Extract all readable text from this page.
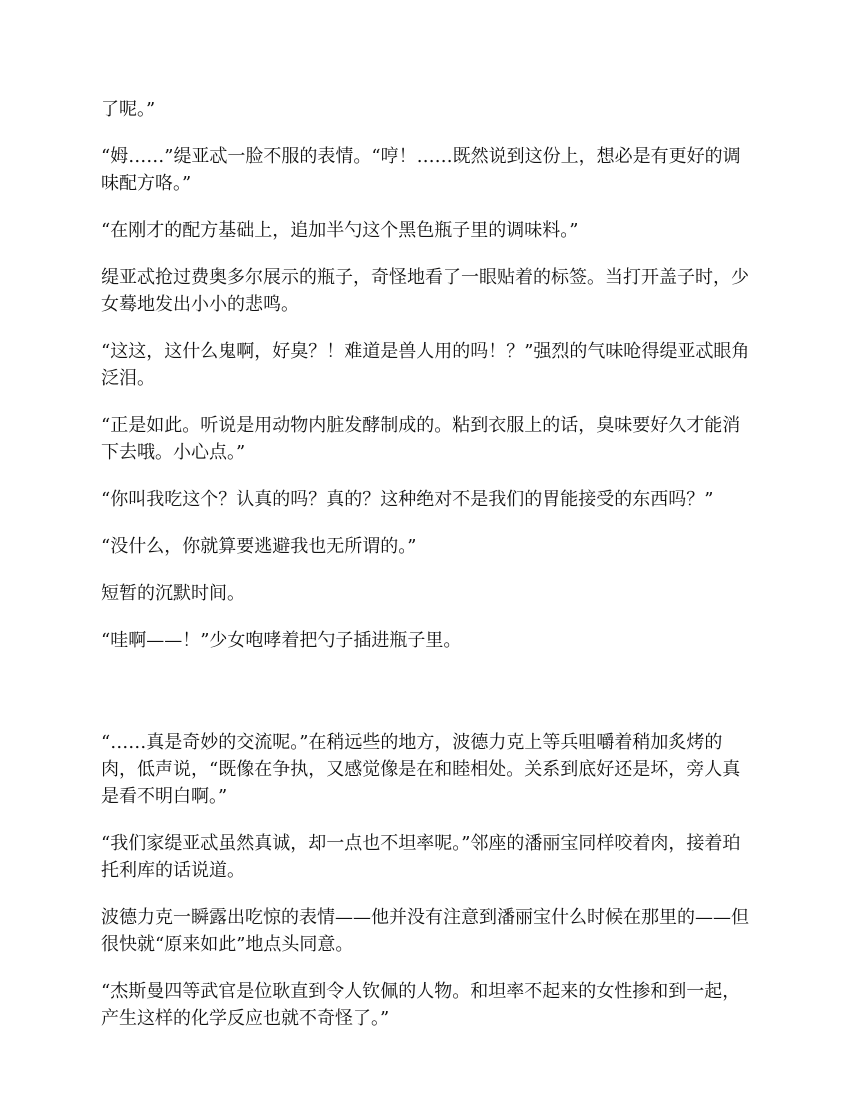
了呢。”

“姆……”缇亚忒一脸不服的表情。“哼！……既然说到这份上，想必是有更好的调味配方咯。”

“在刚才的配方基础上，追加半勺这个黑色瓶子里的调味料。”

缇亚忒抢过费奥多尔展示的瓶子，奇怪地看了一眼贴着的标签。当打开盖子时，少女蓦地发出小小的悲鸣。

“这这，这什么鬼啊，好臭？！难道是兽人用的吗！？”强烈的气味呛得缇亚忒眼角泛泪。

“正是如此。听说是用动物内脏发酵制成的。粘到衣服上的话，臭味要好久才能消下去哦。小心点。”

“你叫我吃这个？认真的吗？真的？这种绝对不是我们的胃能接受的东西吗？”

“没什么，你就算要逃避我也无所谓的。”

短暂的沉默时间。

“哇啊——！”少女咆哮着把勺子插进瓶子里。

“……真是奇妙的交流呢。”在稍远些的地方，波德力克上等兵咀嚼着稍加炙烤的肉，低声说，“既像在争执，又感觉像是在和睦相处。关系到底好还是坏，旁人真是看不明白啊。”

“我们家缇亚忒虽然真诚，却一点也不坦率呢。”邻座的潘丽宝同样咬着肉，接着珀托利库的话说道。

波德力克一瞬露出吃惊的表情——他并没有注意到潘丽宝什么时候在那里的——但很快就“原来如此”地点头同意。

“杰斯曼四等武官是位耿直到令人钦佩的人物。和坦率不起来的女性掺和到一起，产生这样的化学反应也就不奇怪了。”
